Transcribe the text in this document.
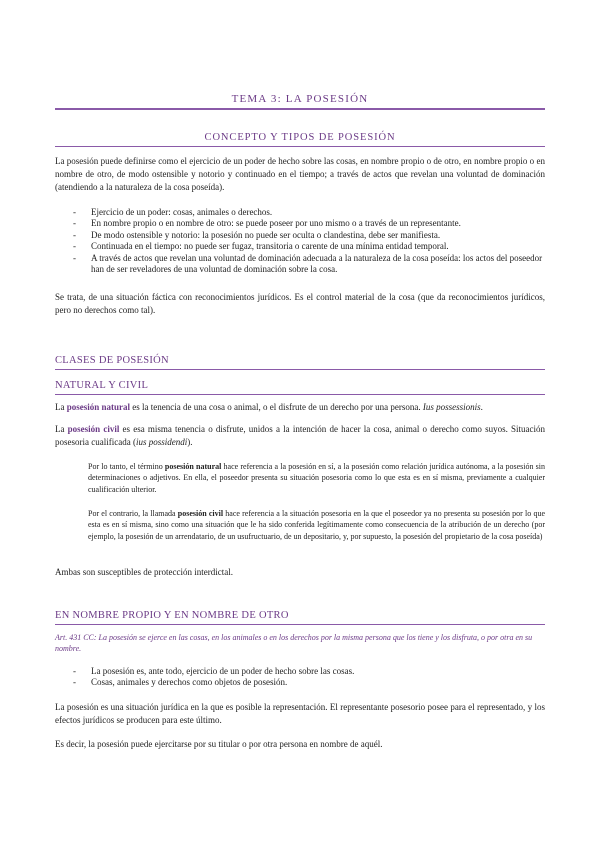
TEMA 3: LA POSESIÓN
CONCEPTO Y TIPOS DE POSESIÓN
La posesión puede definirse como el ejercicio de un poder de hecho sobre las cosas, en nombre propio o de otro, en nombre propio o en nombre de otro, de modo ostensible y notorio y continuado en el tiempo; a través de actos que revelan una voluntad de dominación (atendiendo a la naturaleza de la cosa poseída).
- Ejercicio de un poder: cosas, animales o derechos.
- En nombre propio o en nombre de otro: se puede poseer por uno mismo o a través de un representante.
- De modo ostensible y notorio: la posesión no puede ser oculta o clandestina, debe ser manifiesta.
- Continuada en el tiempo: no puede ser fugaz, transitoria o carente de una mínima entidad temporal.
- A través de actos que revelan una voluntad de dominación adecuada a la naturaleza de la cosa poseída: los actos del poseedor han de ser reveladores de una voluntad de dominación sobre la cosa.
Se trata, de una situación fáctica con reconocimientos jurídicos. Es el control material de la cosa (que da reconocimientos jurídicos, pero no derechos como tal).
CLASES DE POSESIÓN
NATURAL Y CIVIL
La posesión natural es la tenencia de una cosa o animal, o el disfrute de un derecho por una persona. Ius possessionis.
La posesión civil es esa misma tenencia o disfrute, unidos a la intención de hacer la cosa, animal o derecho como suyos. Situación posesoria cualificada (ius possidendi).
Por lo tanto, el término posesión natural hace referencia a la posesión en sí, a la posesión como relación jurídica autónoma, a la posesión sin determinaciones o adjetivos. En ella, el poseedor presenta su situación posesoria como lo que esta es en sí misma, previamente a cualquier cualificación ulterior.
Por el contrario, la llamada posesión civil hace referencia a la situación posesoria en la que el poseedor ya no presenta su posesión por lo que esta es en sí misma, sino como una situación que le ha sido conferida legítimamente como consecuencia de la atribución de un derecho (por ejemplo, la posesión de un arrendatario, de un usufructuario, de un depositario, y, por supuesto, la posesión del propietario de la cosa poseída)
Ambas son susceptibles de protección interdictal.
EN NOMBRE PROPIO Y EN NOMBRE DE OTRO
Art. 431 CC: La posesión se ejerce en las cosas, en los animales o en los derechos por la misma persona que los tiene y los disfruta, o por otra en su nombre.
- La posesión es, ante todo, ejercicio de un poder de hecho sobre las cosas.
- Cosas, animales y derechos como objetos de posesión.
La posesión es una situación jurídica en la que es posible la representación. El representante posesorio posee para el representado, y los efectos jurídicos se producen para este último.
Es decir, la posesión puede ejercitarse por su titular o por otra persona en nombre de aquél.
